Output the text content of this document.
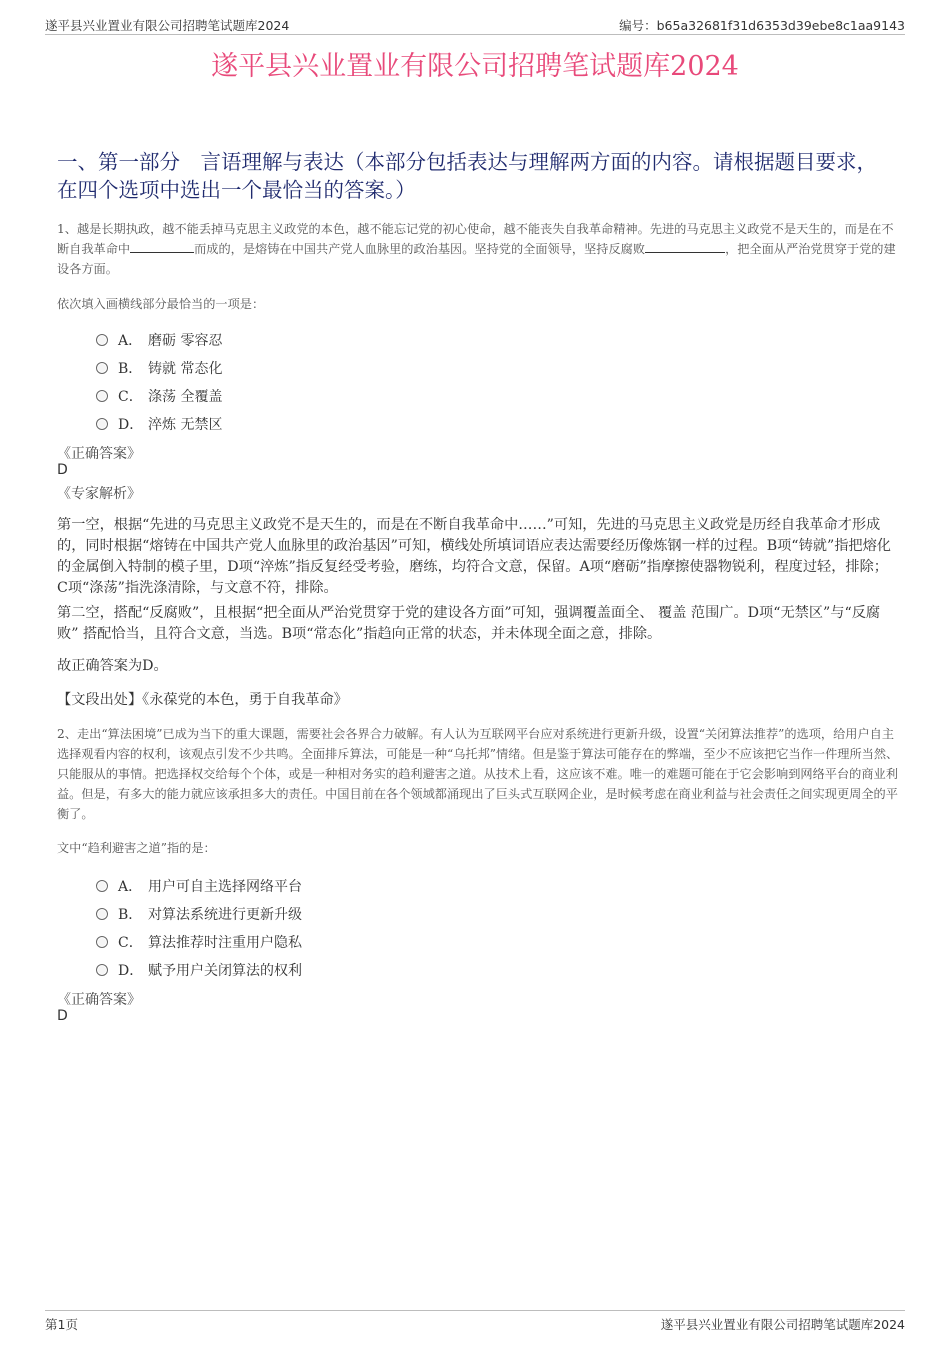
遂平县兴业置业有限公司招聘笔试题库2024	编号：b65a32681f31d6353d39ebe8c1aa9143
遂平县兴业置业有限公司招聘笔试题库2024
一、第一部分　言语理解与表达（本部分包括表达与理解两方面的内容。请根据题目要求，在四个选项中选出一个最恰当的答案。）
1、越是长期执政，越不能丢掉马克思主义政党的本色，越不能忘记党的初心使命，越不能丧失自我革命精神。先进的马克思主义政党不是天生的，而是在不断自我革命中	而成的，是熔铸在中国共产党人血脉里的政治基因。坚持党的全面领导，坚持反腐败	，把全面从严治党贯穿于党的建设各方面。
依次填入画横线部分最恰当的一项是：
A． 磨砺 零容忍
B． 铸就 常态化
C． 涤荡 全覆盖
D． 淬炼 无禁区
《正确答案》
D
《专家解析》
第一空，根据“先进的马克思主义政党不是天生的，而是在不断自我革命中……”可知，先进的马克思主义政党是历经自我革命才形成的，同时根据“熔铸在中国共产党人血脉里的政治基因”可知，横线处所填词语应表达需要经历像炼钢一样的过程。B项“铸就”指把熔化的金属倒入特制的模子里，D项“淬炼”指反复经受考验，磨练，均符合文意，保留。A项“磨砺”指摩擦使器物锐利，程度过轻，排除；C项“涤荡”指洗涤清除，与文意不符，排除。
第二空，搭配“反腐败”，且根据“把全面从严治党贯穿于党的建设各方面”可知，强调覆盖面全、 覆盖 范围广。D项“无禁区”与“反腐败” 搭配恰当，且符合文意，当选。B项“常态化”指趋向正常的状态，并未体现全面之意，排除。
故正确答案为D。
【文段出处】《永葆党的本色，勇于自我革命》
2、走出“算法困境”已成为当下的重大课题，需要社会各界合力破解。有人认为互联网平台应对系统进行更新升级，设置“关闭算法推荐”的选项，给用户自主选择观看内容的权利，该观点引发不少共鸣。全面排斥算法，可能是一种“乌托邦”情绪。但是鉴于算法可能存在的弊端，至少不应该把它当作一件理所当然、只能服从的事情。把选择权交给每个个体，或是一种相对务实的趋利避害之道。从技术上看，这应该不难。唯一的难题可能在于它会影响到网络平台的商业利益。但是，有多大的能力就应该承担多大的责任。中国目前在各个领域都涌现出了巨头式互联网企业，是时候考虑在商业利益与社会责任之间实现更周全的平衡了。
文中“趋利避害之道”指的是：
A． 用户可自主选择网络平台
B． 对算法系统进行更新升级
C． 算法推荐时注重用户隐私
D． 赋予用户关闭算法的权利
《正确答案》
D
第1页	遂平县兴业置业有限公司招聘笔试题库2024
